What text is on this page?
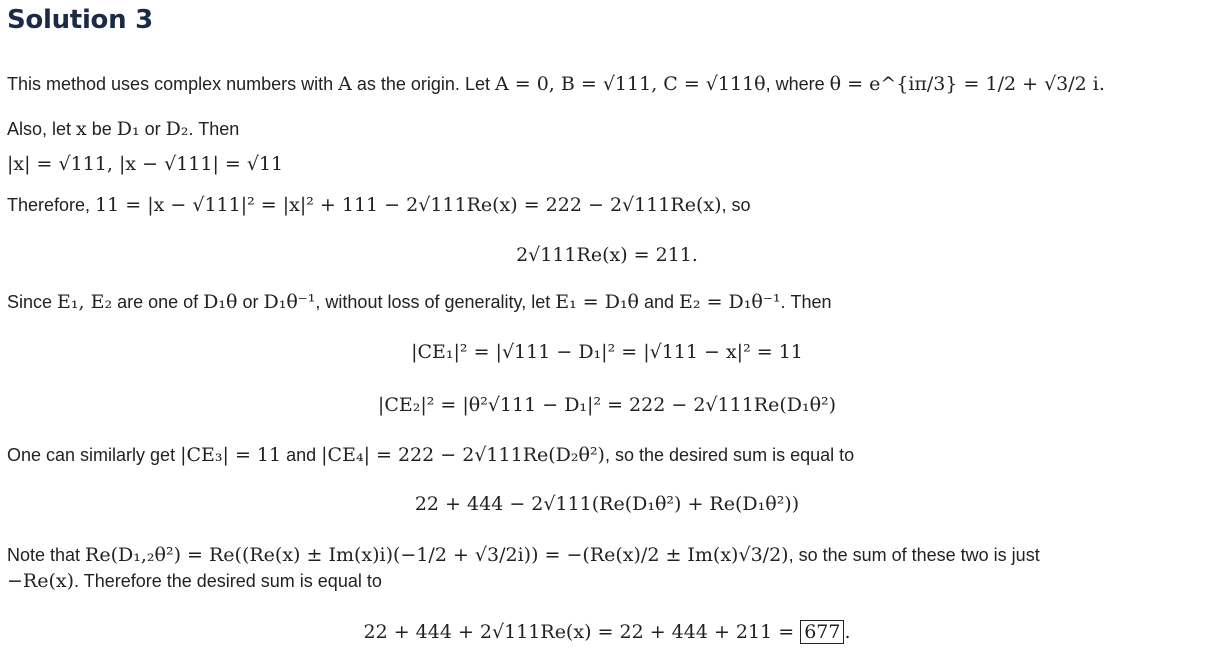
Solution 3
This method uses complex numbers with A as the origin. Let A = 0, B = √111, C = √111θ, where θ = e^{iπ/3} = 1/2 + √3/2 i.
Also, let x be D₁ or D₂. Then
|x| = √111, |x − √111| = √11
Therefore, 11 = |x − √111|² = |x|² + 111 − 2√111Re(x) = 222 − 2√111Re(x), so
2√111Re(x) = 211.
Since E₁, E₂ are one of D₁θ or D₁θ⁻¹, without loss of generality, let E₁ = D₁θ and E₂ = D₁θ⁻¹. Then
|CE₁|² = |√111 − D₁|² = |√111 − x|² = 11
|CE₂|² = |θ²√111 − D₁|² = 222 − 2√111Re(D₁θ²)
One can similarly get |CE₃| = 11 and |CE₄| = 222 − 2√111Re(D₂θ²), so the desired sum is equal to
22 + 444 − 2√111(Re(D₁θ²) + Re(D₁θ²))
Note that Re(D₁,₂θ²) = Re((Re(x) ± Im(x)i)(−1/2 + √3/2i)) = −(Re(x)/2 ± Im(x)√3/2), so the sum of these two is just
−Re(x). Therefore the desired sum is equal to
22 + 444 + 2√111Re(x) = 22 + 444 + 211 = 677 .
